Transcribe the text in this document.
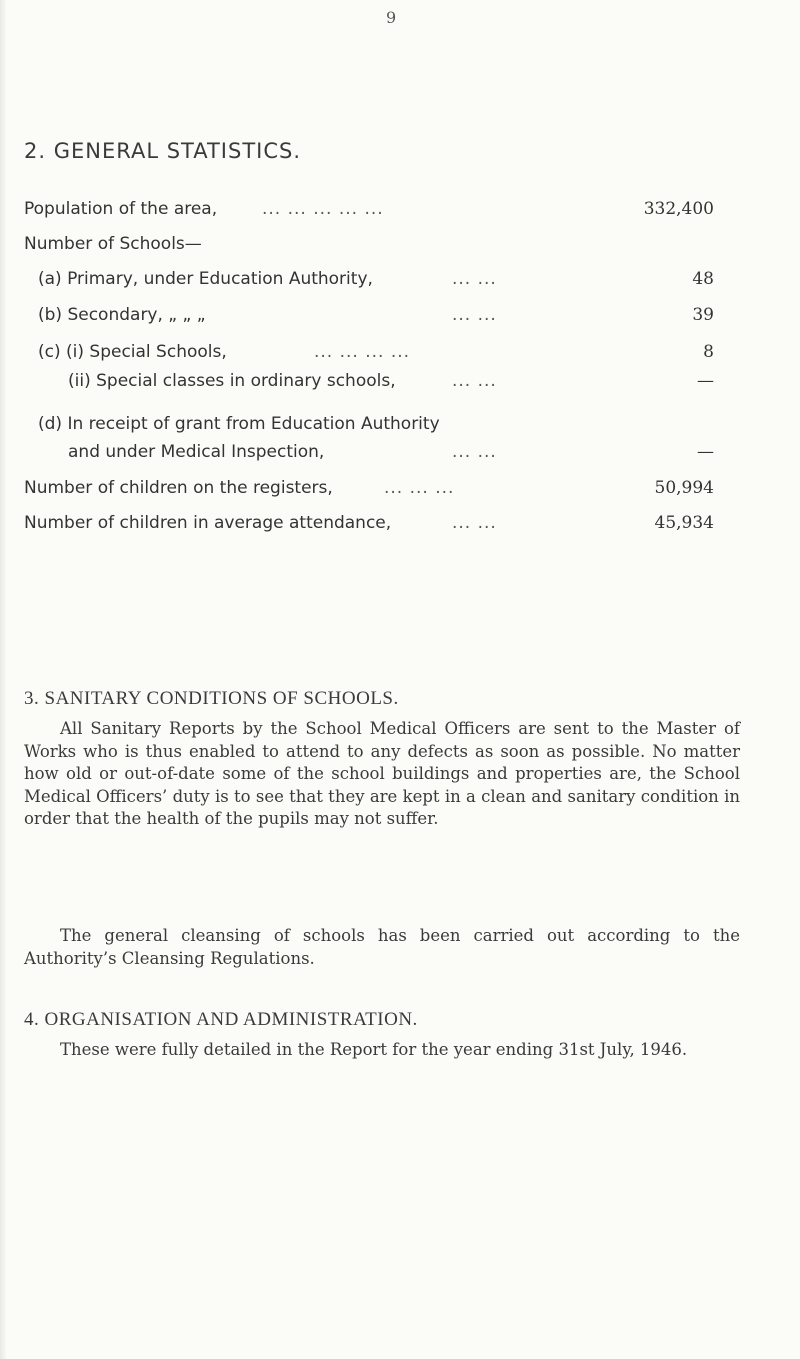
9
2. GENERAL STATISTICS.
Population of the area,	... ... ... ... ...	332,400
Number of Schools—
(a) Primary, under Education Authority,	... ...	48
(b) Secondary, „ „ „	... ...	39
(c) (i) Special Schools,	... ... ... ...	8
(ii) Special classes in ordinary schools,	... ...	—
(d) In receipt of grant from Education Authority
and under Medical Inspection,	... ...	—
Number of children on the registers,	... ... ...	50,994
Number of children in average attendance,	... ...	45,934
3. SANITARY CONDITIONS OF SCHOOLS.

All Sanitary Reports by the School Medical Officers are sent to the Master of Works who is thus enabled to attend to any defects as soon as possible. No matter how old or out-of-date some of the school buildings and properties are, the School Medical Officers’ duty is to see that they are kept in a clean and sanitary condition in order that the health of the pupils may not suffer.

The general cleansing of schools has been carried out according to the Authority’s Cleansing Regulations.

4. ORGANISATION AND ADMINISTRATION.

These were fully detailed in the Report for the year ending 31st July, 1946.
